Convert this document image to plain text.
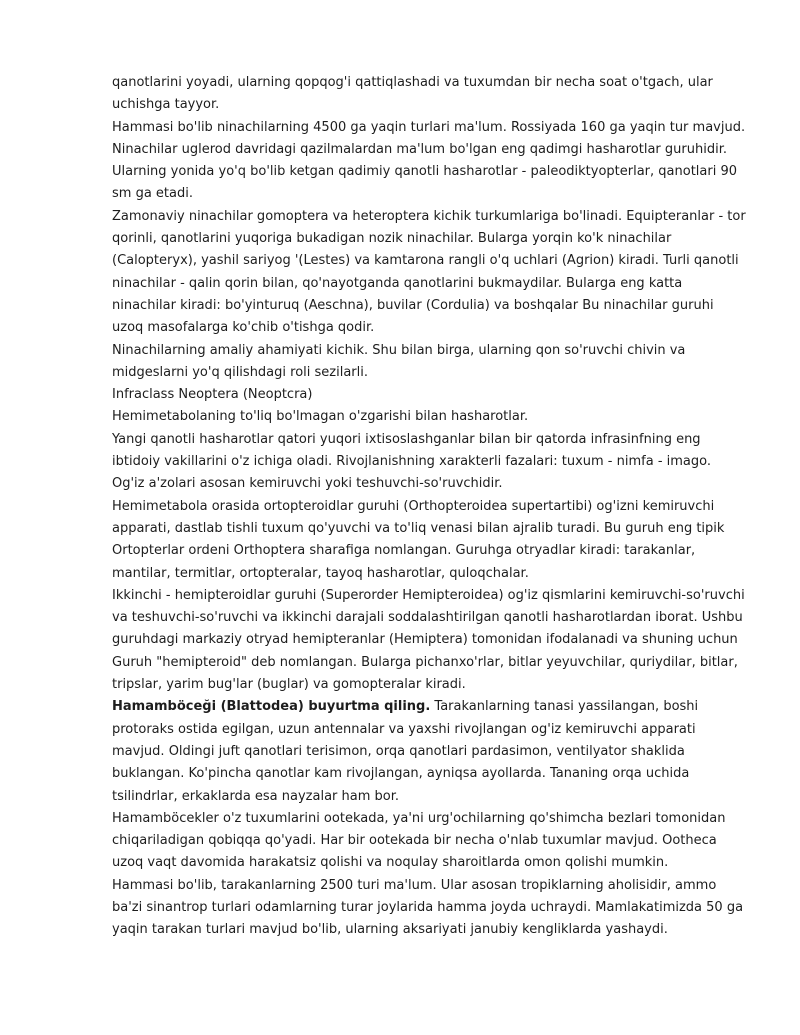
qanotlarini yoyadi, ularning qopqog'i qattiqlashadi va tuxumdan bir necha soat o'tgach, ular uchishga tayyor.

Hammasi bo'lib ninachilarning 4500 ga yaqin turlari ma'lum. Rossiyada 160 ga yaqin tur mavjud.

Ninachilar uglerod davridagi qazilmalardan ma'lum bo'lgan eng qadimgi hasharotlar guruhidir.

Ularning yonida yo'q bo'lib ketgan qadimiy qanotli hasharotlar - paleodiktyopterlar, qanotlari 90 sm ga etadi.

Zamonaviy ninachilar gomoptera va heteroptera kichik turkumlariga bo'linadi. Equipteranlar - tor qorinli, qanotlarini yuqoriga bukadigan nozik ninachilar. Bularga yorqin ko'k ninachilar (Calopteryx), yashil sariyog '(Lestes) va kamtarona rangli o'q uchlari (Agrion) kiradi. Turli qanotli ninachilar - qalin qorin bilan, qo'nayotganda qanotlarini bukmaydilar. Bularga eng katta ninachilar kiradi: bo'yinturuq (Aeschna), buvilar (Cordulia) va boshqalar Bu ninachilar guruhi uzoq masofalarga ko'chib o'tishga qodir.

Ninachilarning amaliy ahamiyati kichik. Shu bilan birga, ularning qon so'ruvchi chivin va midgeslarni yo'q qilishdagi roli sezilarli.

Infraclass Neoptera (Neoptcra)

Hemimetabolaning to'liq bo'lmagan o'zgarishi bilan hasharotlar.

Yangi qanotli hasharotlar qatori yuqori ixtisoslashganlar bilan bir qatorda infrasinfning eng ibtidoiy vakillarini o'z ichiga oladi. Rivojlanishning xarakterli fazalari: tuxum - nimfa - imago. Og'iz a'zolari asosan kemiruvchi yoki teshuvchi-so'ruvchidir.

Hemimetabola orasida ortopteroidlar guruhi (Orthopteroidea supertartibi) og'izni kemiruvchi apparati, dastlab tishli tuxum qo'yuvchi va to'liq venasi bilan ajralib turadi. Bu guruh eng tipik Ortopterlar ordeni Orthoptera sharafiga nomlangan. Guruhga otryadlar kiradi: tarakanlar, mantilar, termitlar, ortopteralar, tayoq hasharotlar, quloqchalar.

Ikkinchi - hemipteroidlar guruhi (Superorder Hemipteroidea) og'iz qismlarini kemiruvchi-so'ruvchi va teshuvchi-so'ruvchi va ikkinchi darajali soddalashtirilgan qanotli hasharotlardan iborat. Ushbu guruhdagi markaziy otryad hemipteranlar (Hemiptera) tomonidan ifodalanadi va shuning uchun Guruh "hemipteroid" deb nomlangan. Bularga pichanxo'rlar, bitlar yeyuvchilar, quriydilar, bitlar, tripslar, yarim bug'lar (buglar) va gomopteralar kiradi.

Hamamböceği (Blattodea) buyurtma qiling. Tarakanlarning tanasi yassilangan, boshi protoraks ostida egilgan, uzun antennalar va yaxshi rivojlangan og'iz kemiruvchi apparati mavjud. Oldingi juft qanotlari terisimon, orqa qanotlari pardasimon, ventilyator shaklida buklangan. Ko'pincha qanotlar kam rivojlangan, ayniqsa ayollarda. Tananing orqa uchida tsilindrlar, erkaklarda esa nayzalar ham bor.

Hamamböcekler o'z tuxumlarini ootekada, ya'ni urg'ochilarning qo'shimcha bezlari tomonidan chiqariladigan qobiqqa qo'yadi. Har bir ootekada bir necha o'nlab tuxumlar mavjud. Ootheca uzoq vaqt davomida harakatsiz qolishi va noqulay sharoitlarda omon qolishi mumkin.

Hammasi bo'lib, tarakanlarning 2500 turi ma'lum. Ular asosan tropiklarning aholisidir, ammo ba'zi sinantrop turlari odamlarning turar joylarida hamma joyda uchraydi. Mamlakatimizda 50 ga yaqin tarakan turlari mavjud bo'lib, ularning aksariyati janubiy kengliklarda yashaydi.
